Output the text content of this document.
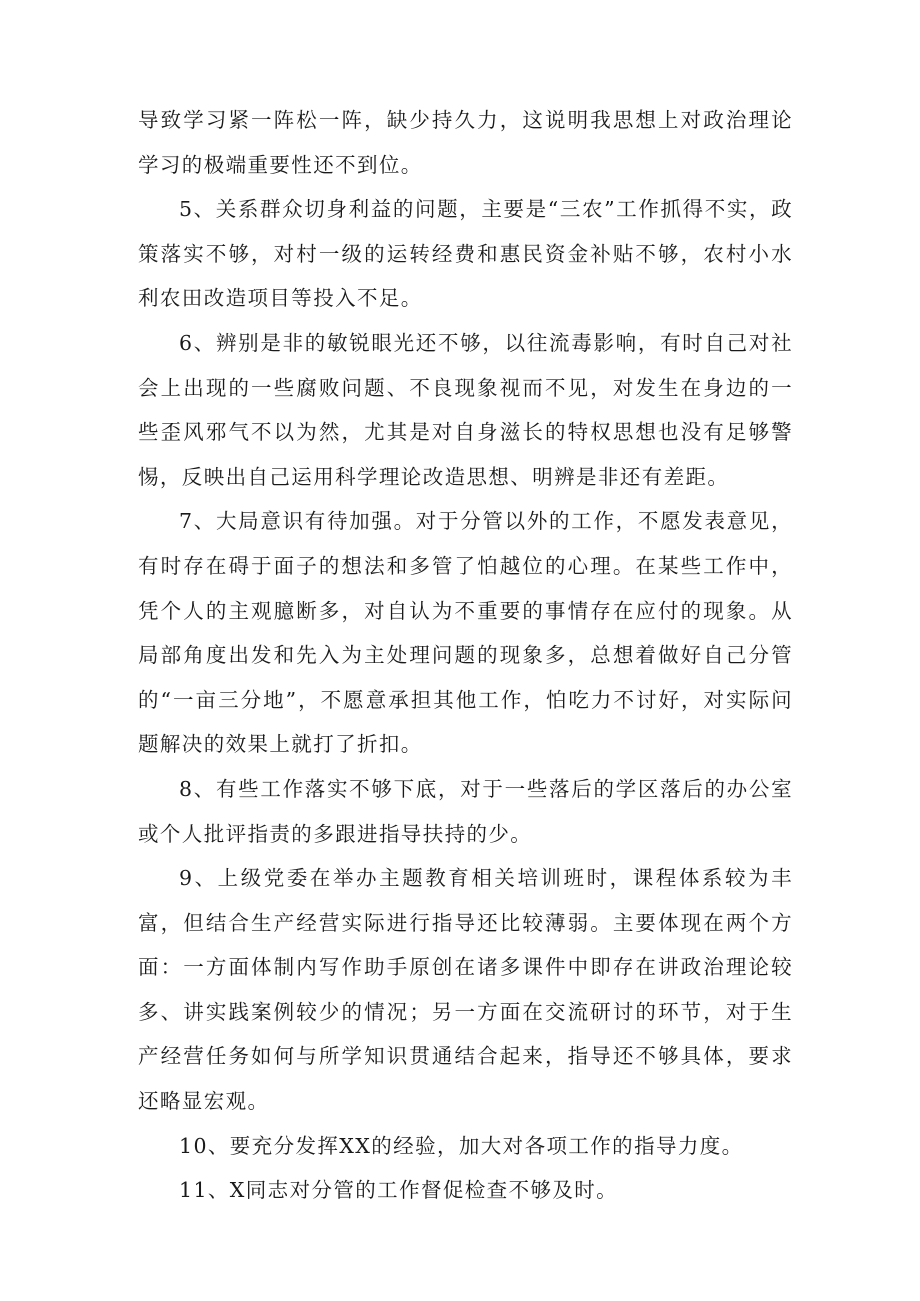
导致学习紧一阵松一阵，缺少持久力，这说明我思想上对政治理论学习的极端重要性还不到位。

5、关系群众切身利益的问题，主要是“三农”工作抓得不实，政策落实不够，对村一级的运转经费和惠民资金补贴不够，农村小水利农田改造项目等投入不足。

6、辨别是非的敏锐眼光还不够，以往流毒影响，有时自己对社会上出现的一些腐败问题、不良现象视而不见，对发生在身边的一些歪风邪气不以为然，尤其是对自身滋长的特权思想也没有足够警惕，反映出自己运用科学理论改造思想、明辨是非还有差距。

7、大局意识有待加强。对于分管以外的工作，不愿发表意见，有时存在碍于面子的想法和多管了怕越位的心理。在某些工作中，凭个人的主观臆断多，对自认为不重要的事情存在应付的现象。从局部角度出发和先入为主处理问题的现象多，总想着做好自己分管的“一亩三分地”，不愿意承担其他工作，怕吃力不讨好，对实际问题解决的效果上就打了折扣。

8、有些工作落实不够下底，对于一些落后的学区落后的办公室或个人批评指责的多跟进指导扶持的少。

9、上级党委在举办主题教育相关培训班时，课程体系较为丰富，但结合生产经营实际进行指导还比较薄弱。主要体现在两个方面：一方面体制内写作助手原创在诸多课件中即存在讲政治理论较多、讲实践案例较少的情况；另一方面在交流研讨的环节，对于生产经营任务如何与所学知识贯通结合起来，指导还不够具体，要求还略显宏观。

10、要充分发挥XX的经验，加大对各项工作的指导力度。

11、X同志对分管的工作督促检查不够及时。
